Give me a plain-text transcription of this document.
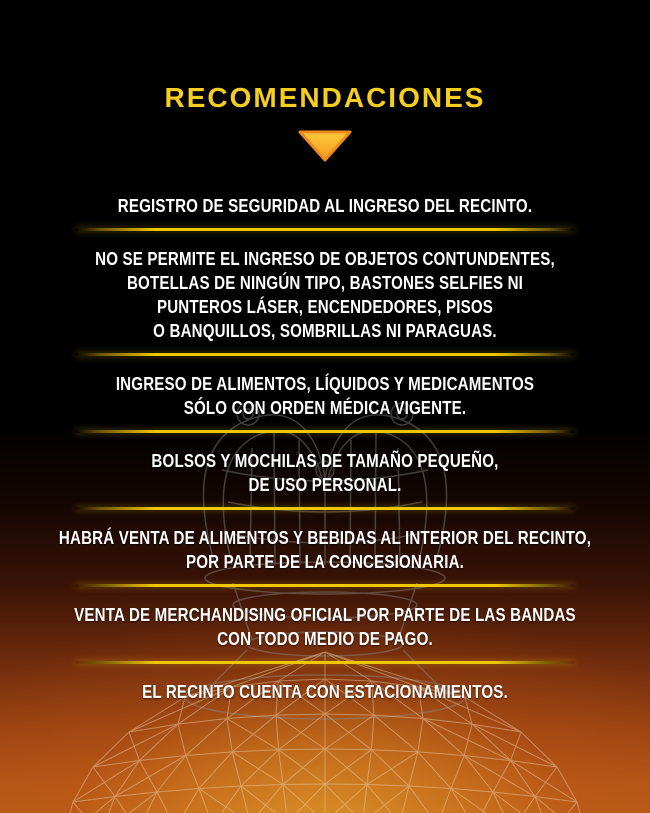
RECOMENDACIONES
REGISTRO DE SEGURIDAD AL INGRESO DEL RECINTO.
NO SE PERMITE EL INGRESO DE OBJETOS CONTUNDENTES,
BOTELLAS DE NINGÚN TIPO, BASTONES SELFIES NI
PUNTEROS LÁSER, ENCENDEDORES, PISOS
O BANQUILLOS, SOMBRILLAS NI PARAGUAS.
INGRESO DE ALIMENTOS, LÍQUIDOS Y MEDICAMENTOS
SÓLO CON ORDEN MÉDICA VIGENTE.
BOLSOS Y MOCHILAS DE TAMAÑO PEQUEÑO,
DE USO PERSONAL.
HABRÁ VENTA DE ALIMENTOS Y BEBIDAS AL INTERIOR DEL RECINTO,
POR PARTE DE LA CONCESIONARIA.
VENTA DE MERCHANDISING OFICIAL POR PARTE DE LAS BANDAS
CON TODO MEDIO DE PAGO.
EL RECINTO CUENTA CON ESTACIONAMIENTOS.
